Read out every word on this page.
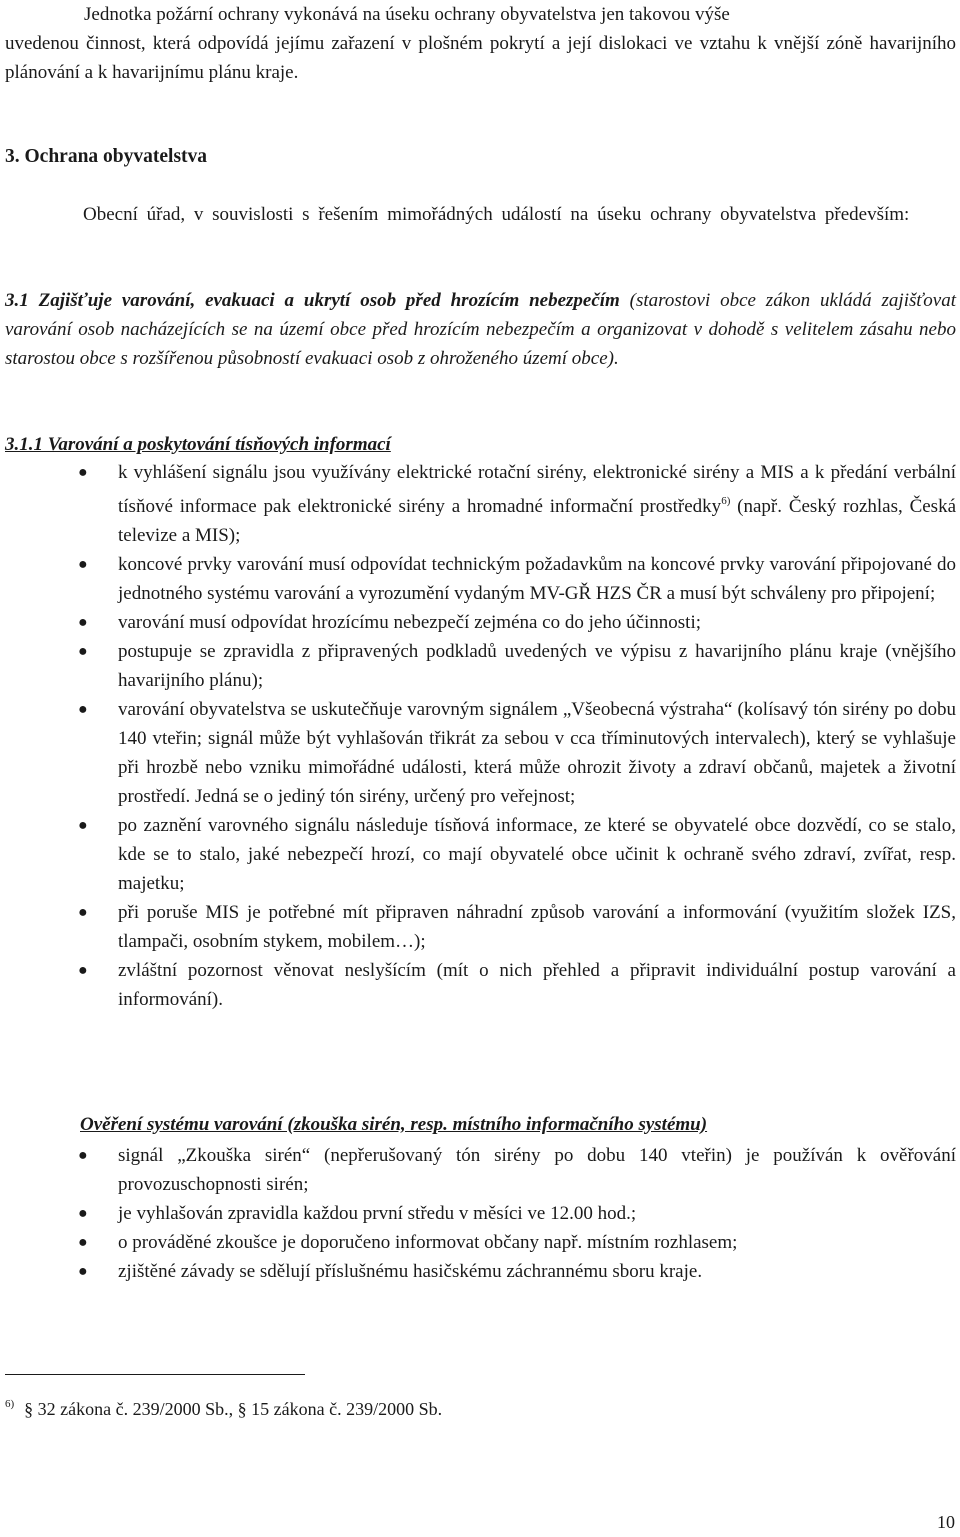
Jednotka požární ochrany vykonává na úseku ochrany obyvatelstva jen takovou výše
uvedenou činnost, která odpovídá jejímu zařazení v plošném pokrytí a její dislokaci ve vztahu k vnější zóně havarijního plánování a k havarijnímu plánu kraje.
3. Ochrana obyvatelstva
Obecní úřad, v souvislosti s řešením mimořádných událostí na úseku ochrany obyvatelstva především:
3.1 Zajišťuje varování, evakuaci a ukrytí osob před hrozícím nebezpečím (starostovi obce zákon ukládá zajišťovat varování osob nacházejících se na území obce před hrozícím nebezpečím a organizovat v dohodě s velitelem zásahu nebo starostou obce s rozšířenou působností evakuaci osob z ohroženého území obce).
3.1.1 Varování a poskytování tísňových informací
● k vyhlášení signálu jsou využívány elektrické rotační sirény, elektronické sirény a MIS a k předání verbální tísňové informace pak elektronické sirény a hromadné informační prostředky$^{6)}$ (např. Český rozhlas, Česká televize a MIS);
● koncové prvky varování musí odpovídat technickým požadavkům na koncové prvky varování připojované do jednotného systému varování a vyrozumění vydaným MV-GŘ HZS ČR a musí být schváleny pro připojení;
● varování musí odpovídat hrozícímu nebezpečí zejména co do jeho účinnosti;
● postupuje se zpravidla z připravených podkladů uvedených ve výpisu z havarijního plánu kraje (vnějšího havarijního plánu);
● varování obyvatelstva se uskutečňuje varovným signálem „Všeobecná výstraha“ (kolísavý tón sirény po dobu 140 vteřin; signál může být vyhlašován třikrát za sebou v cca tříminutových intervalech), který se vyhlašuje při hrozbě nebo vzniku mimořádné události, která může ohrozit životy a zdraví občanů, majetek a životní prostředí. Jedná se o jediný tón sirény, určený pro veřejnost;
● po zaznění varovného signálu následuje tísňová informace, ze které se obyvatelé obce dozvědí, co se stalo, kde se to stalo, jaké nebezpečí hrozí, co mají obyvatelé obce učinit k ochraně svého zdraví, zvířat, resp. majetku;
● při poruše MIS je potřebné mít připraven náhradní způsob varování a informování (využitím složek IZS, tlampači, osobním stykem, mobilem…);
● zvláštní pozornost věnovat neslyšícím (mít o nich přehled a připravit individuální postup varování a informování).
Ověření systému varování (zkouška sirén, resp. místního informačního systému)
● signál „Zkouška sirén“ (nepřerušovaný tón sirény po dobu 140 vteřin) je používán k ověřování provozuschopnosti sirén;
● je vyhlašován zpravidla každou první středu v měsíci ve 12.00 hod.;
● o prováděné zkoušce je doporučeno informovat občany např. místním rozhlasem;
● zjištěné závady se sdělují příslušnému hasičskému záchrannému sboru kraje.
$^{6)}$ § 32 zákona č. 239/2000 Sb., § 15 zákona č. 239/2000 Sb.
10
